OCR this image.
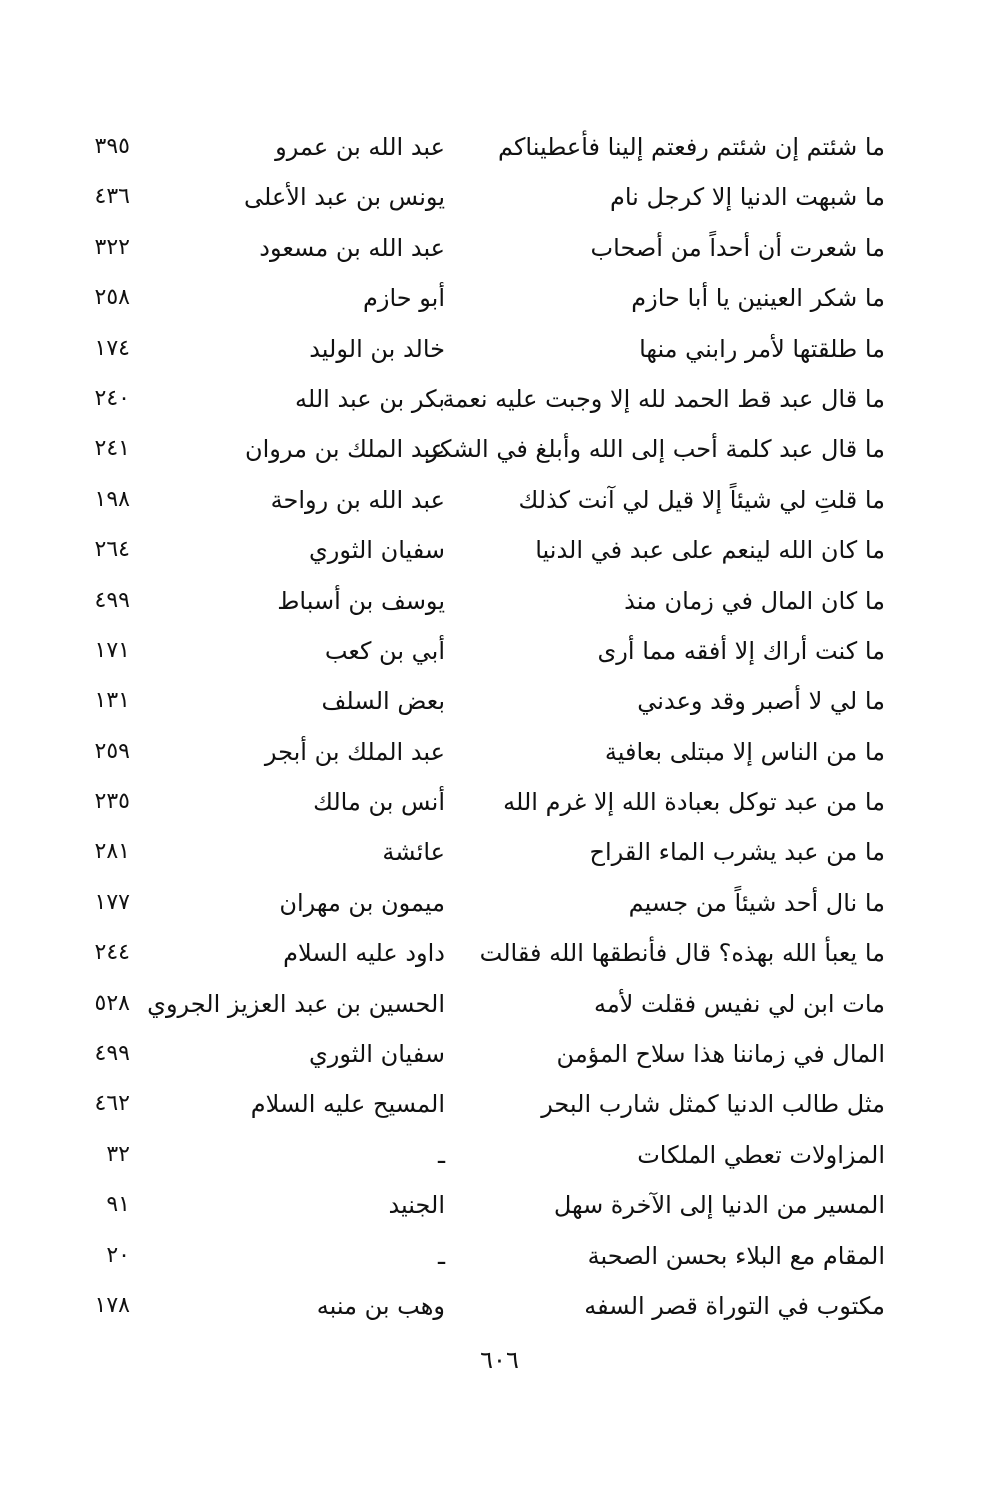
ما شئتم إن شئتم رفعتم إلينا فأعطيناكم
عبد الله بن عمرو
٣٩٥
ما شبهت الدنيا إلا كرجل نام
يونس بن عبد الأعلى
٤٣٦
ما شعرت أن أحداً من أصحاب
عبد الله بن مسعود
٣٢٢
ما شكر العينين يا أبا حازم
أبو حازم
٢٥٨
ما طلقتها لأمر رابني منها
خالد بن الوليد
١٧٤
ما قال عبد قط الحمد لله إلا وجبت عليه نعمة
بكر بن عبد الله
٢٤٠
ما قال عبد كلمة أحب إلى الله وأبلغ في الشكر
عبد الملك بن مروان
٢٤١
ما قلتِ لي شيئاً إلا قيل لي آنت كذلك
عبد الله بن رواحة
١٩٨
ما كان الله لينعم على عبد في الدنيا
سفيان الثوري
٢٦٤
ما كان المال في زمان منذ
يوسف بن أسباط
٤٩٩
ما كنت أراك إلا أفقه مما أرى
أبي بن كعب
١٧١
ما لي لا أصبر وقد وعدني
بعض السلف
١٣١
ما من الناس إلا مبتلى بعافية
عبد الملك بن أبجر
٢٥٩
ما من عبد توكل بعبادة الله إلا غرم الله
أنس بن مالك
٢٣٥
ما من عبد يشرب الماء القراح
عائشة
٢٨١
ما نال أحد شيئاً من جسيم
ميمون بن مهران
١٧٧
ما يعبأ الله بهذه؟ قال فأنطقها الله فقالت
داود عليه السلام
٢٤٤
مات ابن لي نفيس فقلت لأمه
الحسين بن عبد العزيز الجروي
٥٢٨
المال في زماننا هذا سلاح المؤمن
سفيان الثوري
٤٩٩
مثل طالب الدنيا كمثل شارب البحر
المسيح عليه السلام
٤٦٢
المزاولات تعطي الملكات
ـ
٣٢
المسير من الدنيا إلى الآخرة سهل
الجنيد
٩١
المقام مع البلاء بحسن الصحبة
ـ
٢٠
مكتوب في التوراة قصر السفه
وهب بن منبه
١٧٨
٦٠٦
